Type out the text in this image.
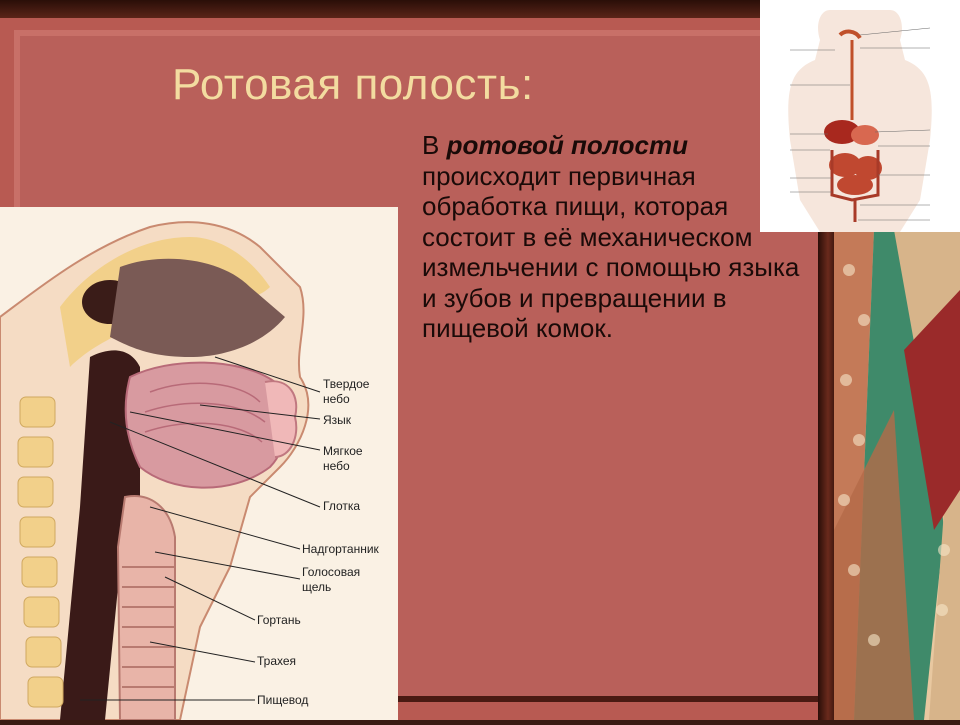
Ротовая полость:
В ротовой полости происходит первичная обработка пищи, которая состоит в её механическом измельчении с помощью языка и зубов и превращении в пищевой комок.
Твердое небо
Язык
Мягкое небо
Глотка
Надгортанник
Голосовая щель
Гортань
Трахея
Пищевод
